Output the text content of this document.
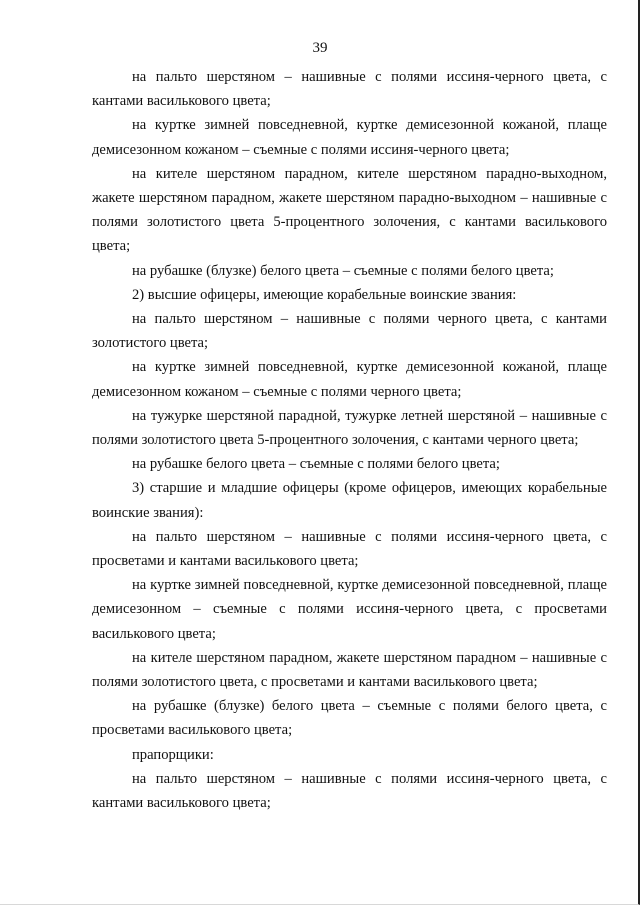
39

на пальто шерстяном – нашивные с полями иссиня-черного цвета, с кантами василькового цвета;

на куртке зимней повседневной, куртке демисезонной кожаной, плаще демисезонном кожаном – съемные с полями иссиня-черного цвета;

на кителе шерстяном парадном, кителе шерстяном парадно-выходном, жакете шерстяном парадном, жакете шерстяном парадно-выходном – нашивные с полями золотистого цвета 5-процентного золочения, с кантами василькового цвета;

на рубашке (блузке) белого цвета – съемные с полями белого цвета;

2) высшие офицеры, имеющие корабельные воинские звания:

на пальто шерстяном – нашивные с полями черного цвета, с кантами золотистого цвета;

на куртке зимней повседневной, куртке демисезонной кожаной, плаще демисезонном кожаном – съемные с полями черного цвета;

на тужурке шерстяной парадной, тужурке летней шерстяной – нашивные с полями золотистого цвета 5-процентного золочения, с кантами черного цвета;

на рубашке белого цвета – съемные с полями белого цвета;

3) старшие и младшие офицеры (кроме офицеров, имеющих корабельные воинские звания):

на пальто шерстяном – нашивные с полями иссиня-черного цвета, с просветами и кантами василькового цвета;

на куртке зимней повседневной, куртке демисезонной повседневной, плаще демисезонном – съемные с полями иссиня-черного цвета, с просветами василькового цвета;

на кителе шерстяном парадном, жакете шерстяном парадном – нашивные с полями золотистого цвета, с просветами и кантами василькового цвета;

на рубашке (блузке) белого цвета – съемные с полями белого цвета, с просветами василькового цвета;

прапорщики:

на пальто шерстяном – нашивные с полями иссиня-черного цвета, с кантами василькового цвета;
